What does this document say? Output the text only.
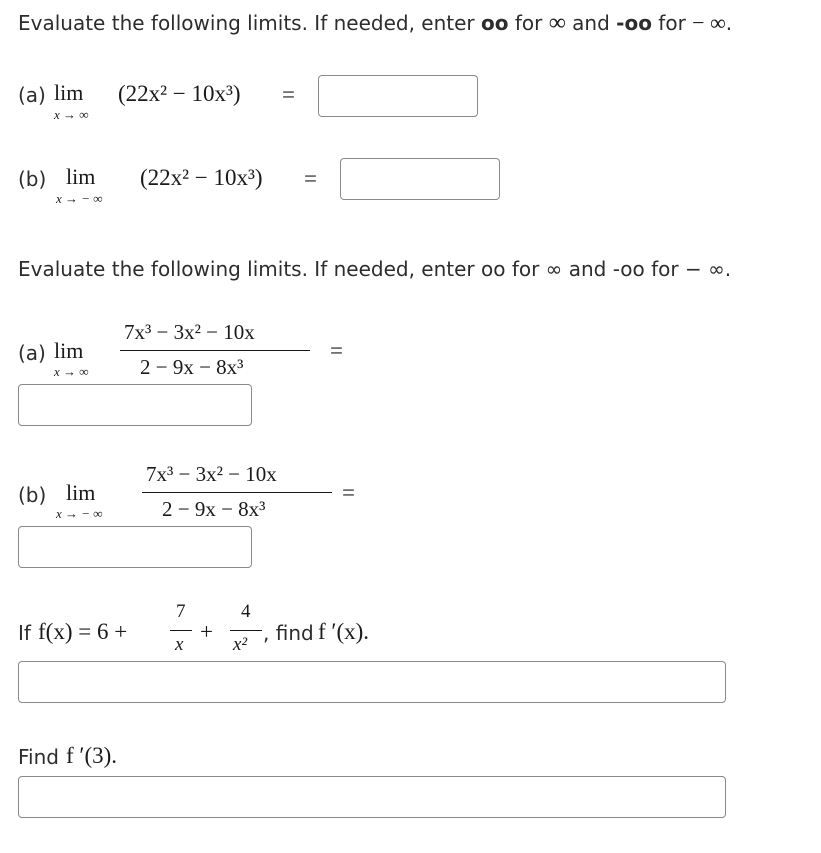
Evaluate the following limits. If needed, enter oo for ∞ and -oo for − ∞.
(a) lim
x → ∞
(22x² − 10x³) =
(b) lim
x → − ∞
(22x² − 10x³) =
Evaluate the following limits. If needed, enter oo for ∞ and -oo for − ∞.
(a) lim
x → ∞
7x³ − 3x² − 10x
2 − 9x − 8x³
=
(b) lim
x → − ∞
7x³ − 3x² − 10x
2 − 9x − 8x³
=
If f(x) = 6 +
7
x
+
4
x² , find f ′(x).
Find f ′(3).
